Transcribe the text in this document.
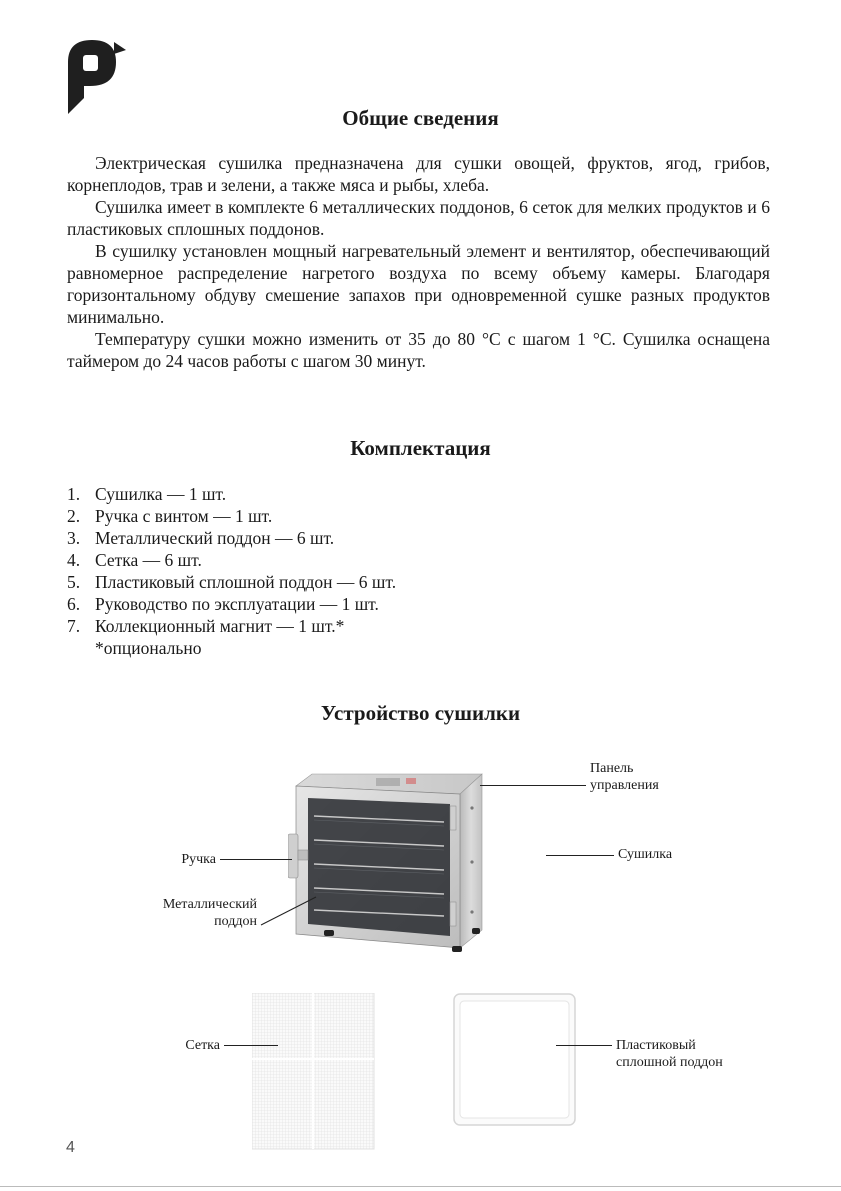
Общие сведения

Электрическая сушилка предназначена для сушки овощей, фруктов, ягод, грибов, корнеплодов, трав и зелени, а также мяса и рыбы, хлеба.

Сушилка имеет в комплекте 6 металлических поддонов, 6 сеток для мелких продуктов и 6 пластиковых сплошных поддонов.

В сушилку установлен мощный нагревательный элемент и вентилятор, обеспечивающий равномерное распределение нагретого воздуха по всему объему камеры. Благодаря горизонтальному обдуву смешение запахов при одновременной сушке разных продуктов минимально.

Температуру сушки можно изменить от 35 до 80 °C с шагом 1 °C. Сушилка оснащена таймером до 24 часов работы с шагом 30 минут.

Комплектация
1. Сушилка — 1 шт.
2. Ручка с винтом — 1 шт.
3. Металлический поддон — 6 шт.
4. Сетка — 6 шт.
5. Пластиковый сплошной поддон — 6 шт.
6. Руководство по эксплуатации — 1 шт.
7. Коллекционный магнит — 1 шт.*
*опционально
Устройство сушилки
Панель
управления
Сушилка
Ручка
Металлический
поддон
Сетка	Пластиковый
сплошной поддон
4
